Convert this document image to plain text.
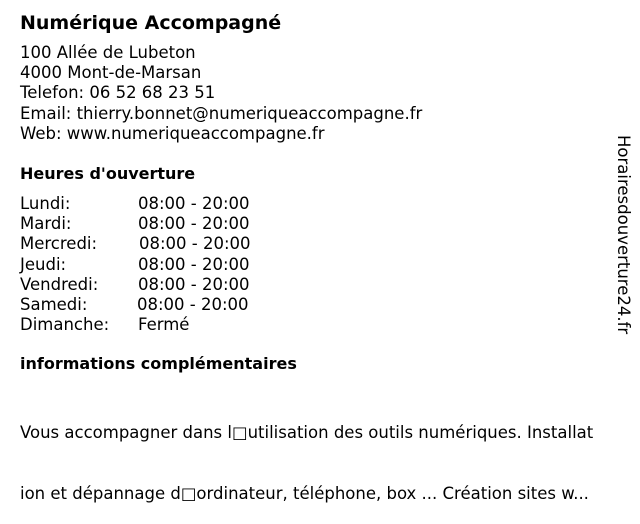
Numérique Accompagné
100 Allée de Lubeton
4000 Mont-de-Marsan
Telefon: 06 52 68 23 51
Email: thierry.bonnet@numeriqueaccompagne.fr
Web: www.numeriqueaccompagne.fr
Heures d'ouverture
Lundi:	08:00 - 20:00
Mardi:	08:00 - 20:00
Mercredi:	08:00 - 20:00
Jeudi:	08:00 - 20:00
Vendredi: 08:00 - 20:00
Samedi:	08:00 - 20:00
Dimanche: Fermé
informations complémentaires

Vous accompagner dans l□utilisation des outils numériques. Installat

ion et dépannage d□ordinateur, téléphone, box ... Création sites w...

Horairesdouverture24.fr
